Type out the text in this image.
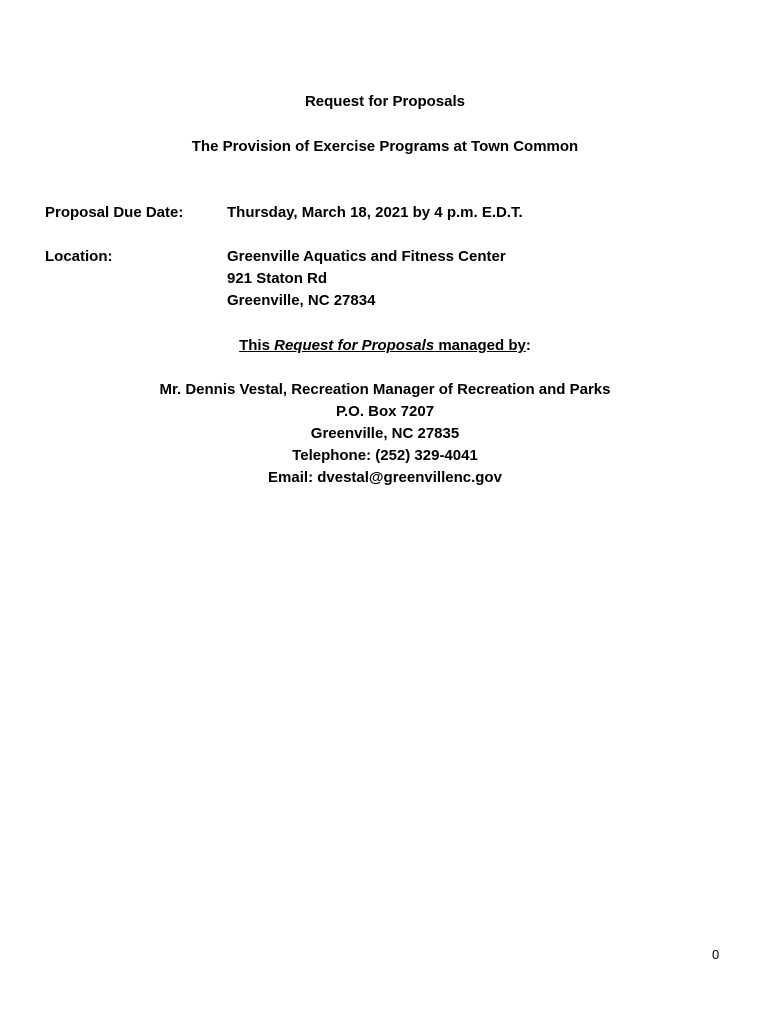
Request for Proposals
The Provision of Exercise Programs at Town Common
Proposal Due Date:	Thursday, March 18, 2021 by 4 p.m. E.D.T.
Location:	Greenville Aquatics and Fitness Center
921 Staton Rd
Greenville, NC 27834
This Request for Proposals managed by:
Mr. Dennis Vestal, Recreation Manager of Recreation and Parks
P.O. Box 7207
Greenville, NC 27835
Telephone: (252) 329-4041
Email: dvestal@greenvillenc.gov
0
